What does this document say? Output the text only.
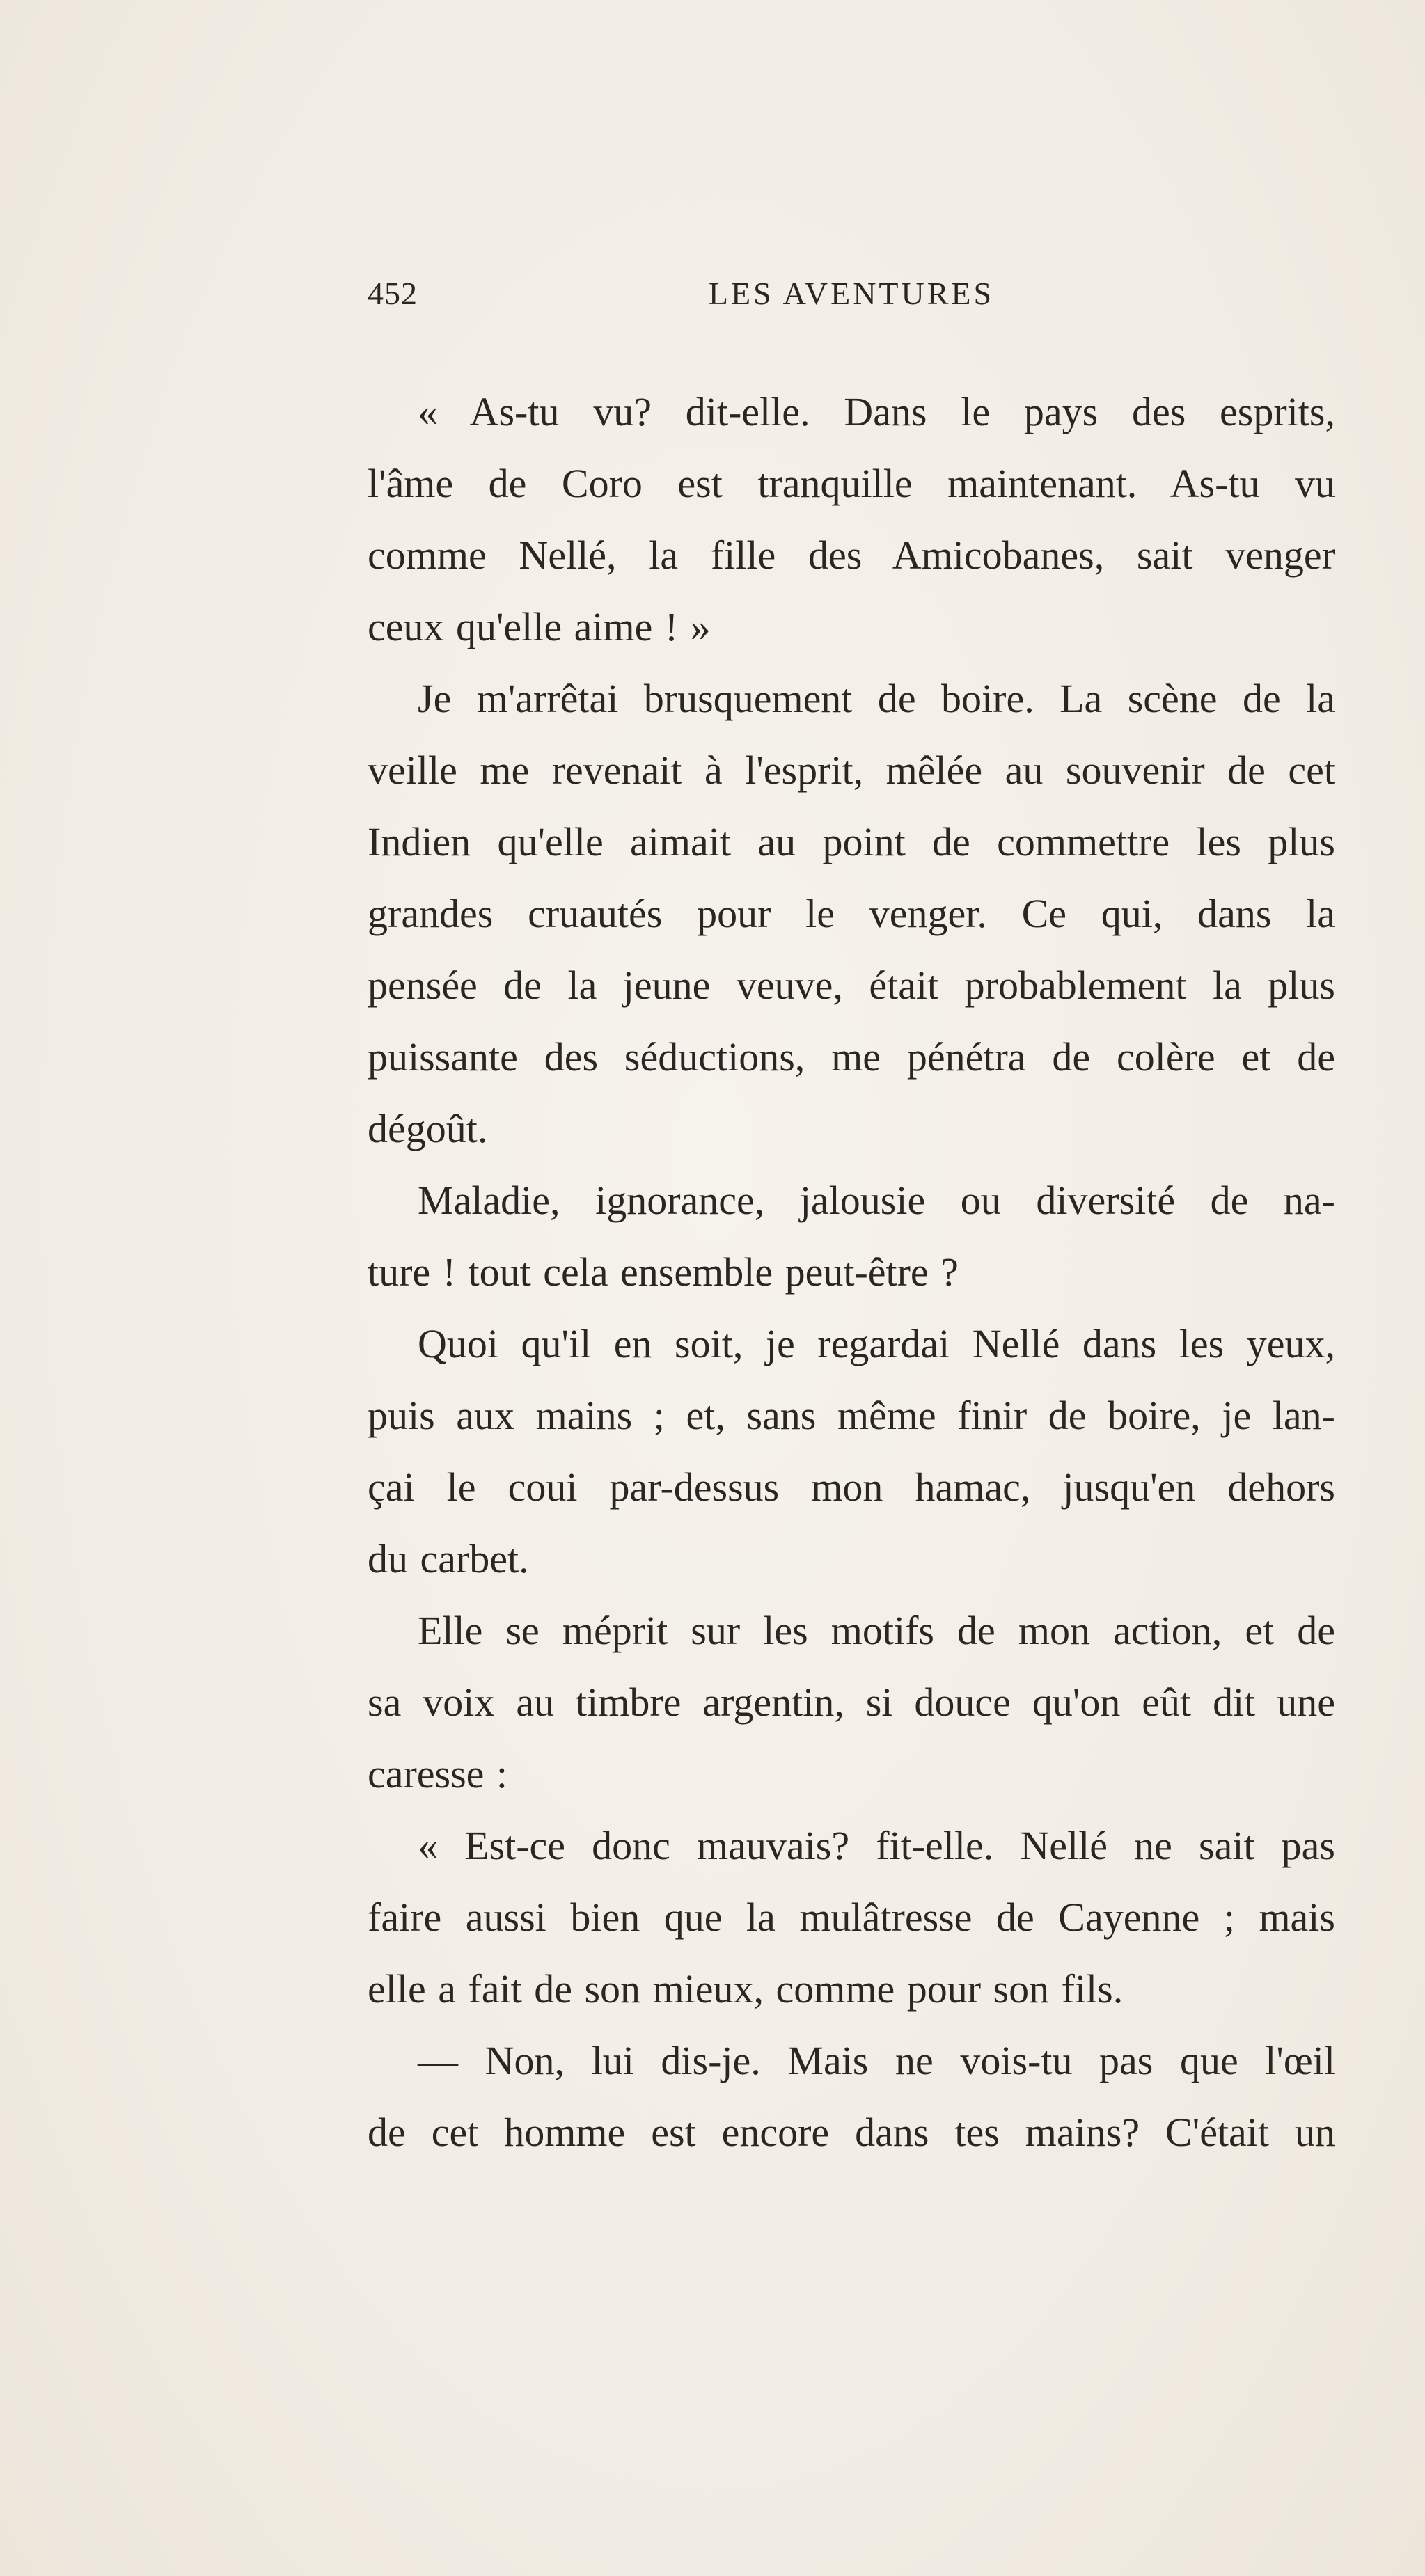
452	LES AVENTURES
« As-tu vu? dit-elle. Dans le pays des esprits,
l'âme de Coro est tranquille maintenant. As-tu vu
comme Nellé, la fille des Amicobanes, sait venger
ceux qu'elle aime ! »
Je m'arrêtai brusquement de boire. La scène de la
veille me revenait à l'esprit, mêlée au souvenir de cet
Indien qu'elle aimait au point de commettre les plus
grandes cruautés pour le venger. Ce qui, dans la
pensée de la jeune veuve, était probablement la plus
puissante des séductions, me pénétra de colère et de
dégoût.
Maladie, ignorance, jalousie ou diversité de na-
ture ! tout cela ensemble peut-être ?
Quoi qu'il en soit, je regardai Nellé dans les yeux,
puis aux mains ; et, sans même finir de boire, je lan-
çai le coui par-dessus mon hamac, jusqu'en dehors
du carbet.
Elle se méprit sur les motifs de mon action, et de
sa voix au timbre argentin, si douce qu'on eût dit une
caresse :
« Est-ce donc mauvais? fit-elle. Nellé ne sait pas
faire aussi bien que la mulâtresse de Cayenne ; mais
elle a fait de son mieux, comme pour son fils.
— Non, lui dis-je. Mais ne vois-tu pas que l'œil
de cet homme est encore dans tes mains? C'était un
